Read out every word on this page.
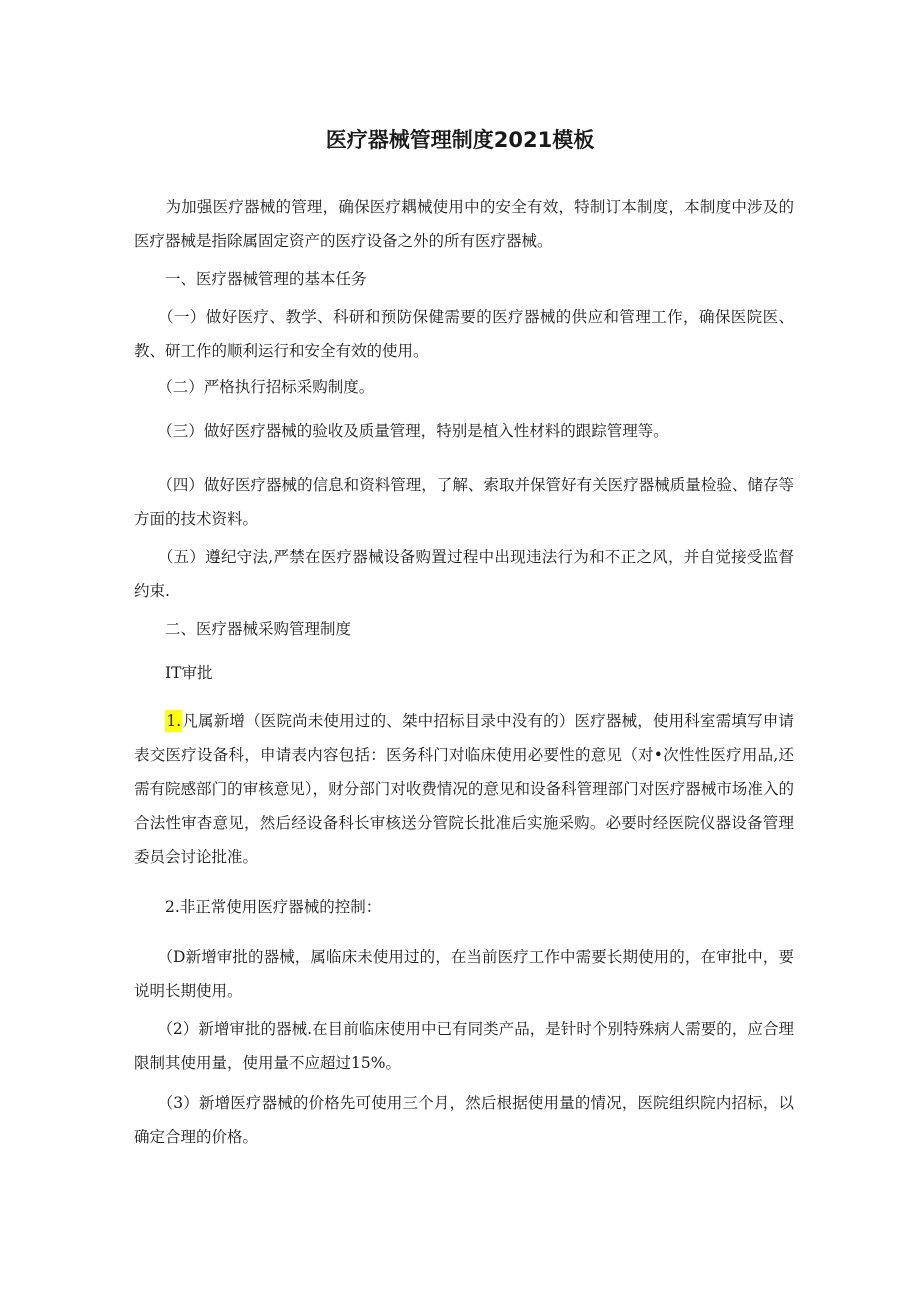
医疗器械管理制度2021模板

　　为加强医疗器械的管理，确保医疗耦械使用中的安全有效，特制订本制度，本制度中涉及的医疗器械是指除属固定资产的医疗设备之外的所有医疗器械。

　　一、医疗器械管理的基本任务

　　（一）做好医疗、教学、科研和预防保健需要的医疗器械的供应和管理工作，确保医院医、教、研工作的顺利运行和安全有效的使用。

　　（二）严格执行招标采购制度。

　　（三）做好医疗器械的验收及质量管理，特别是植入性材料的跟踪管理等。

　　（四）做好医疗器械的信息和资料管理，了解、索取并保管好有关医疗器械质量检验、储存等方面的技术资料。

　　（五）遵纪守法,严禁在医疗器械设备购置过程中出现违法行为和不正之风，并自觉接受监督约束.

　　二、医疗器械采购管理制度

　　IT审批

　　1.凡属新增（医院尚未使用过的、桀中招标目录中没有的）医疗器械，使用科室需填写申请表交医疗设备科，申请表内容包括：医务科门对临床使用必要性的意见（对•次性性医疗用品,还需有院感部门的审核意见），财分部门对收费情况的意见和设备科管理部门对医疗器械市场准入的合法性审杳意见，然后经设备科长审核送分管院长批准后实施采购。必要时经医院仪器设备管理委员会讨论批准。

　　2.非正常使用医疗器械的控制：

　　（D新增审批的器械，属临床未使用过的，在当前医疗工作中需要长期使用的，在审批中，要说明长期使用。

　　（2）新增审批的器械.在目前临床使用中已有同类产品，是针时个别特殊病人需要的，应合理限制其使用量，使用量不应超过15%。

　　（3）新增医疗器械的价格先可使用三个月，然后根据使用量的情况，医院组织院内招标，以确定合理的价格。
